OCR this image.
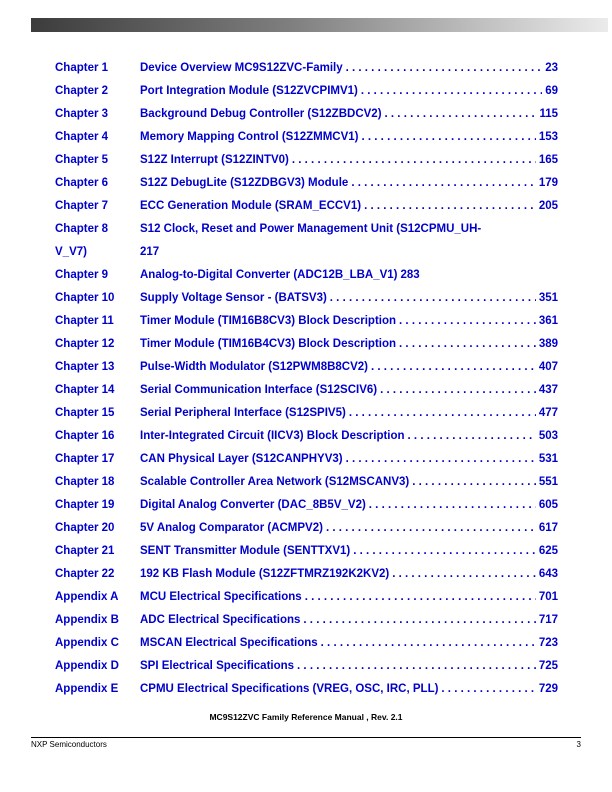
Chapter 1	Device Overview MC9S12ZVC-Family . . .	23
Chapter 2	Port Integration Module (S12ZVCPIMV1) . . .	69
Chapter 3	Background Debug Controller (S12ZBDCV2) . . .	115
Chapter 4	Memory Mapping Control (S12ZMMCV1) . . .	153
Chapter 5	S12Z Interrupt (S12ZINTV0) . . .	165
Chapter 6	S12Z DebugLite (S12ZDBGV3) Module . . .	179
Chapter 7	ECC Generation Module (SRAM_ECCV1) . . .	205
Chapter 8	S12 Clock, Reset and Power Management Unit (S12CPMU_UH-
V_V7)	217
Chapter 9	Analog-to-Digital Converter (ADC12B_LBA_V1) 283
Chapter 10	Supply Voltage Sensor - (BATSV3) . . .	351
Chapter 11	Timer Module (TIM16B8CV3) Block Description . . .	361
Chapter 12	Timer Module (TIM16B4CV3) Block Description . . .	389
Chapter 13	Pulse-Width Modulator (S12PWM8B8CV2) . . .	407
Chapter 14	Serial Communication Interface (S12SCIV6) . . .	437
Chapter 15	Serial Peripheral Interface (S12SPIV5) . . .	477
Chapter 16	Inter-Integrated Circuit (IICV3) Block Description . . .	503
Chapter 17	CAN Physical Layer (S12CANPHYV3) . . .	531
Chapter 18	Scalable Controller Area Network (S12MSCANV3) . . .	551
Chapter 19	Digital Analog Converter (DAC_8B5V_V2) . . .	605
Chapter 20	5V Analog Comparator (ACMPV2) . . .	617
Chapter 21	SENT Transmitter Module (SENTTXV1) . . .	625
Chapter 22	192 KB Flash Module (S12ZFTMRZ192K2KV2) . . .	643
Appendix A	MCU Electrical Specifications . . .	701
Appendix B	ADC Electrical Specifications . . .	717
Appendix C	MSCAN Electrical Specifications . . .	723
Appendix D	SPI Electrical Specifications . . .	725
Appendix E	CPMU Electrical Specifications (VREG, OSC, IRC, PLL) . . .	729
MC9S12ZVC Family Reference Manual , Rev. 2.1
NXP Semiconductors	3
